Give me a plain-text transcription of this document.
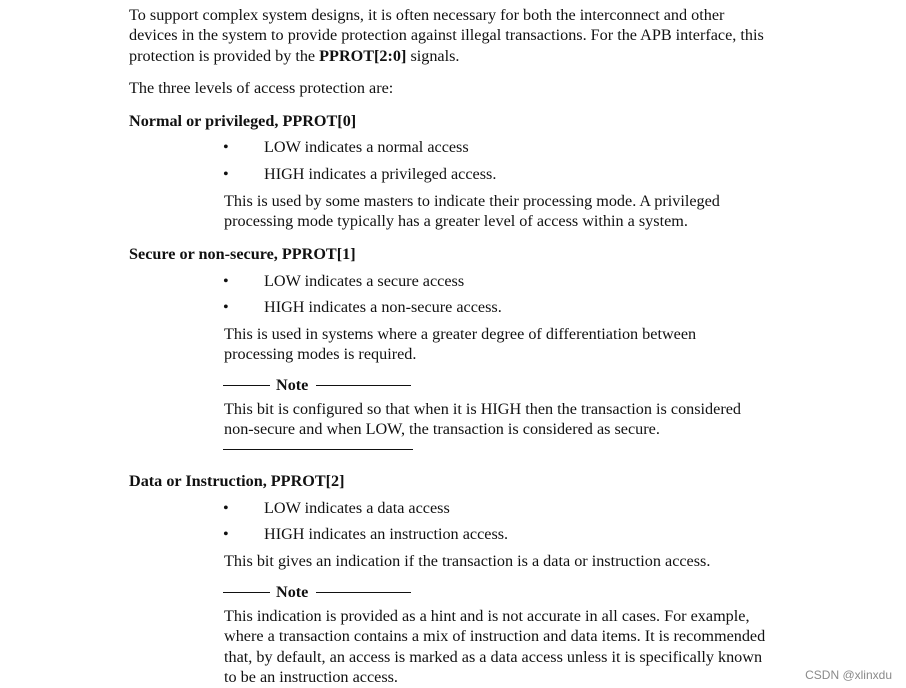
To support complex system designs, it is often necessary for both the interconnect and other devices in the system to provide protection against illegal transactions. For the APB interface, this protection is provided by the PPROT[2:0] signals.
The three levels of access protection are:
Normal or privileged, PPROT[0]
• LOW indicates a normal access
• HIGH indicates a privileged access.
This is used by some masters to indicate their processing mode. A privileged processing mode typically has a greater level of access within a system.
Secure or non-secure, PPROT[1]
• LOW indicates a secure access
• HIGH indicates a non-secure access.
This is used in systems where a greater degree of differentiation between processing modes is required.
Note
This bit is configured so that when it is HIGH then the transaction is considered non-secure and when LOW, the transaction is considered as secure.
Data or Instruction, PPROT[2]
• LOW indicates a data access
• HIGH indicates an instruction access.
This bit gives an indication if the transaction is a data or instruction access.
Note
This indication is provided as a hint and is not accurate in all cases. For example, where a transaction contains a mix of instruction and data items. It is recommended that, by default, an access is marked as a data access unless it is specifically known to be an instruction access.	CSDN @xlinxdu
